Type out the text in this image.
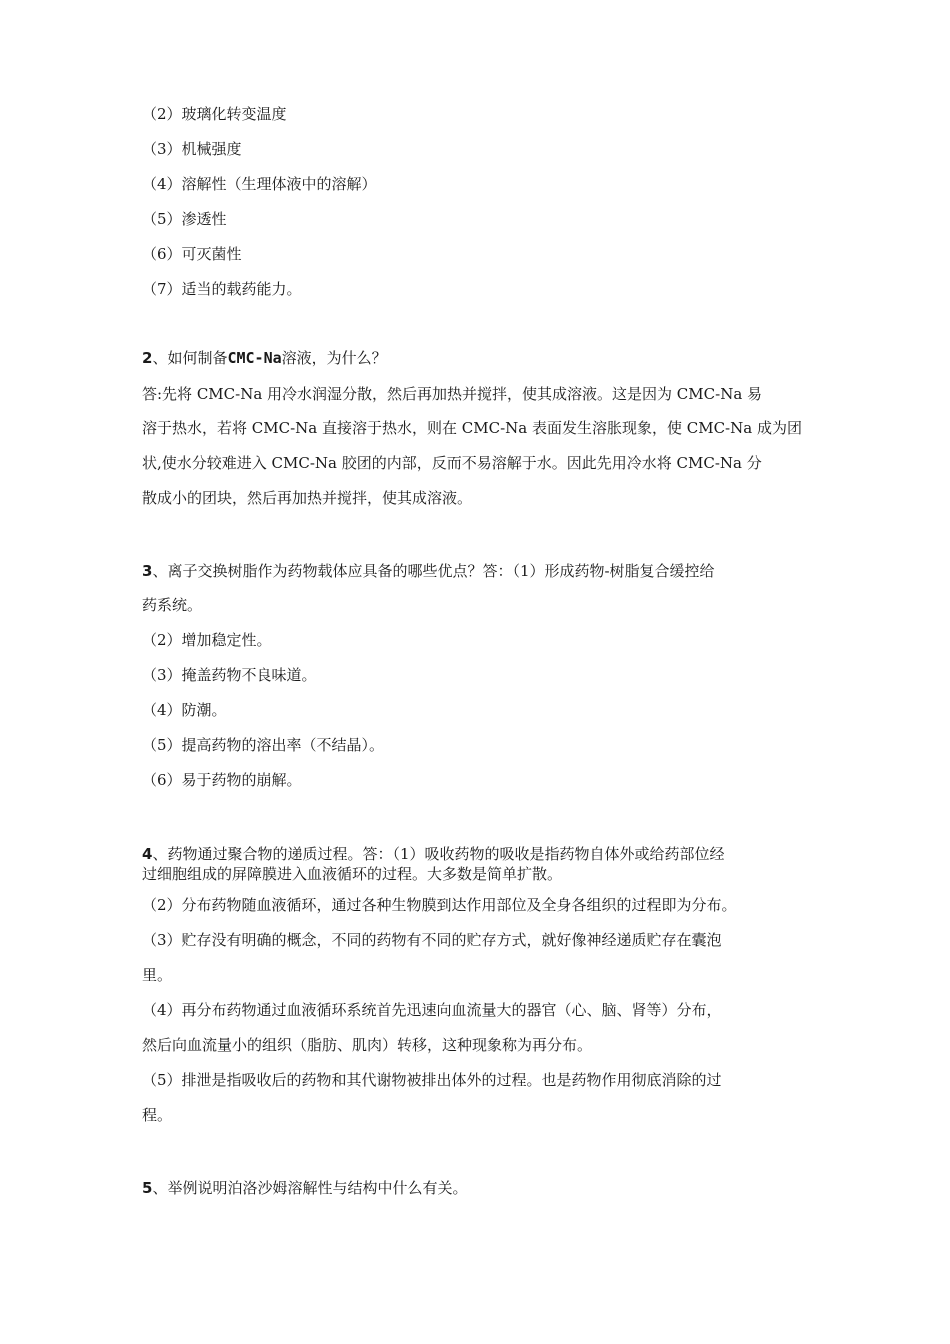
（2）玻璃化转变温度
（3）机械强度
（4）溶解性（生理体液中的溶解）
（5）渗透性
（6）可灭菌性
（7）适当的载药能力。
2、如何制备CMC-Na溶液，为什么？
答:先将 CMC-Na 用冷水润湿分散，然后再加热并搅拌，使其成溶液。这是因为 CMC-Na 易
溶于热水，若将 CMC-Na 直接溶于热水，则在 CMC-Na 表面发生溶胀现象，使 CMC-Na 成为团
状,使水分较难进入 CMC-Na 胶团的内部，反而不易溶解于水。因此先用冷水将 CMC-Na 分
散成小的团块，然后再加热并搅拌，使其成溶液。
3、离子交换树脂作为药物载体应具备的哪些优点？答：（1）形成药物-树脂复合缓控给
药系统。
（2）增加稳定性。
（3）掩盖药物不良味道。
（4）防潮。
（5）提高药物的溶出率（不结晶）。
（6）易于药物的崩解。
4、药物通过聚合物的递质过程。答：（1）吸收药物的吸收是指药物自体外或给药部位经
过细胞组成的屏障膜进入血液循环的过程。大多数是简单扩散。
（2）分布药物随血液循环，通过各种生物膜到达作用部位及全身各组织的过程即为分布。
（3）贮存没有明确的概念，不同的药物有不同的贮存方式，就好像神经递质贮存在囊泡
里。
（4）再分布药物通过血液循环系统首先迅速向血流量大的器官（心、脑、肾等）分布，
然后向血流量小的组织（脂肪、肌肉）转移，这种现象称为再分布。
（5）排泄是指吸收后的药物和其代谢物被排出体外的过程。也是药物作用彻底消除的过
程。
5、举例说明泊洛沙姆溶解性与结构中什么有关。
